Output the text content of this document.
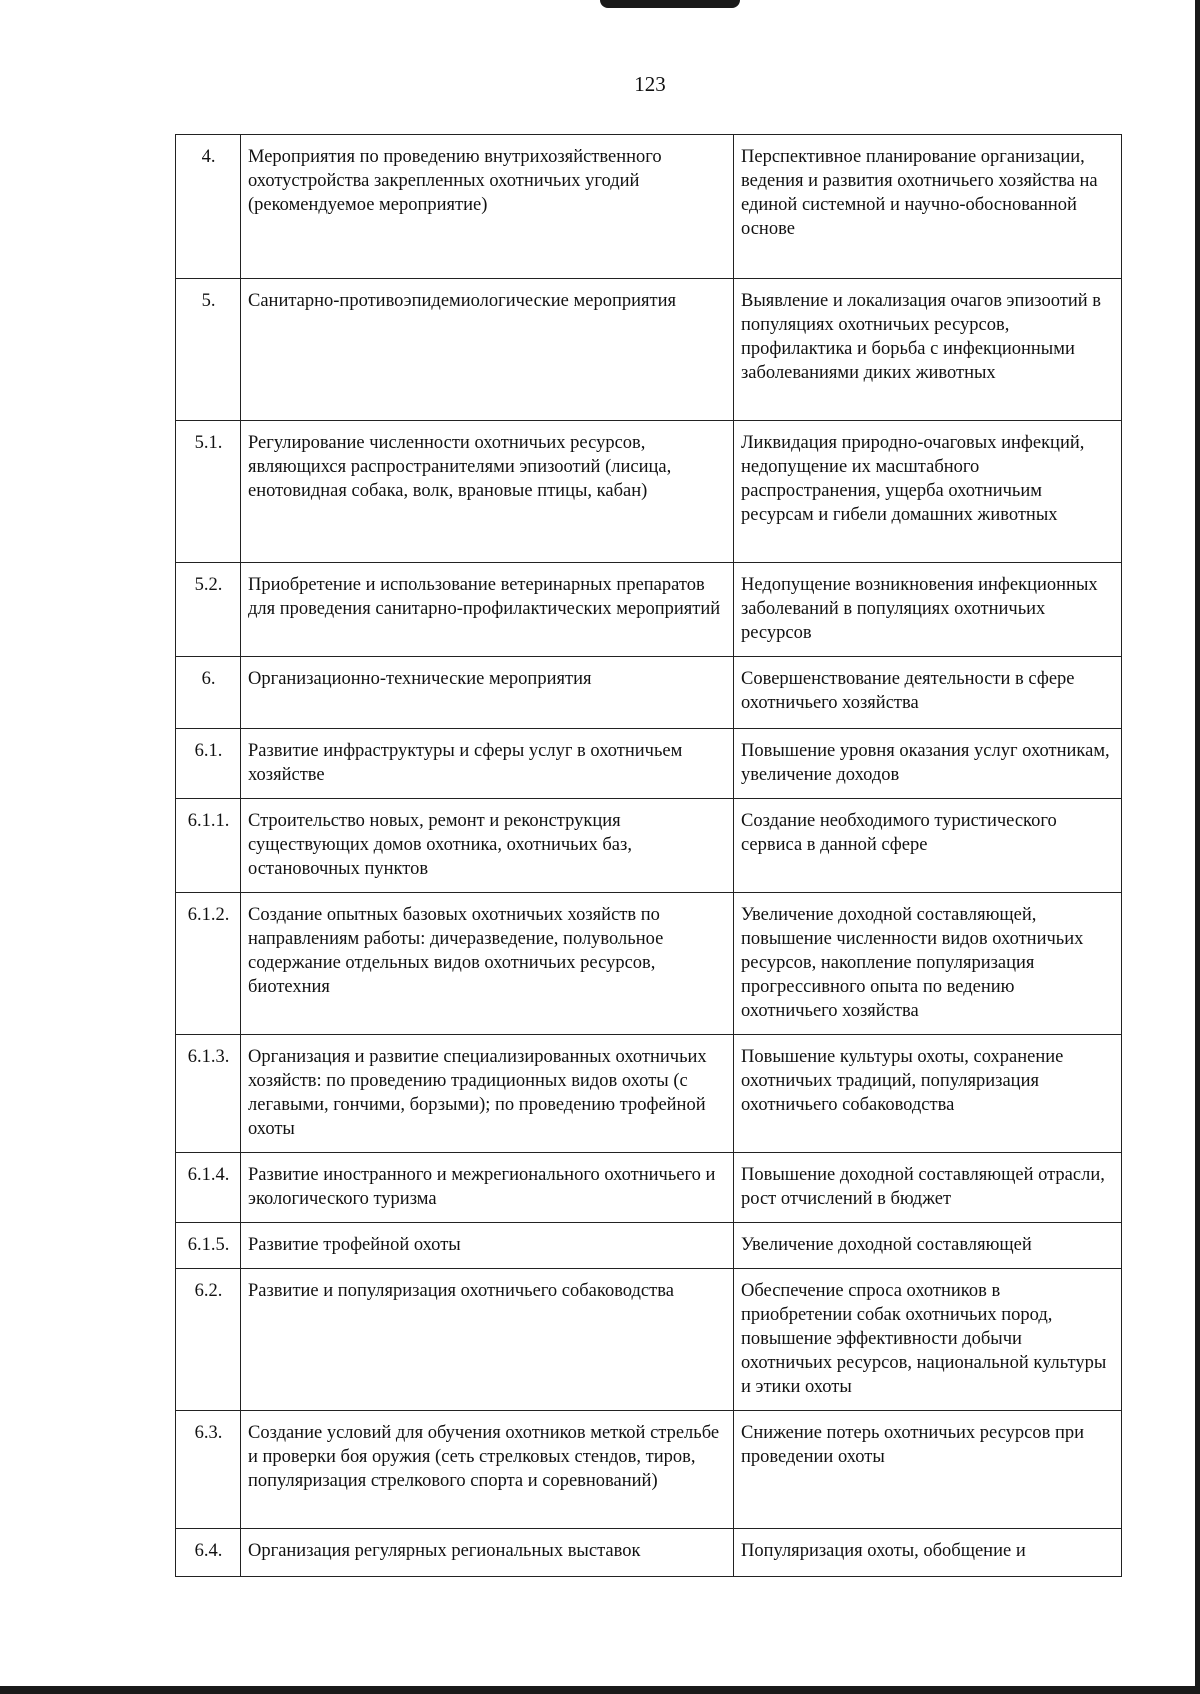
123
4.	Мероприятия по проведению внутрихозяйственного охотустройства закрепленных охотничьих угодий (рекомендуемое мероприятие)	Перспективное планирование организации, ведения и развития охотничьего хозяйства на единой системной и научно-обоснованной основе
5.	Санитарно-противоэпидемиологические мероприятия	Выявление и локализация очагов эпизоотий в популяциях охотничьих ресурсов, профилактика и борьба с инфекционными заболеваниями диких животных
5.1.	Регулирование численности охотничьих ресурсов, являющихся распространителями эпизоотий (лисица, енотовидная собака, волк, врановые птицы, кабан)	Ликвидация природно-очаговых инфекций, недопущение их масштабного распространения, ущерба охотничьим ресурсам и гибели домашних животных
5.2.	Приобретение и использование ветеринарных препаратов для проведения санитарно-профилактических мероприятий	Недопущение возникновения инфекционных заболеваний в популяциях охотничьих ресурсов
6.	Организационно-технические мероприятия	Совершенствование деятельности в сфере охотничьего хозяйства
6.1.	Развитие инфраструктуры и сферы услуг в охотничьем хозяйстве	Повышение уровня оказания услуг охотникам, увеличение доходов
6.1.1.	Строительство новых, ремонт и реконструкция существующих домов охотника, охотничьих баз, остановочных пунктов	Создание необходимого туристического сервиса в данной сфере
6.1.2.	Создание опытных базовых охотничьих хозяйств по направлениям работы: дичеразведение, полувольное содержание отдельных видов охотничьих ресурсов, биотехния	Увеличение доходной составляющей, повышение численности видов охотничьих ресурсов, накопление популяризация прогрессивного опыта по ведению охотничьего хозяйства
6.1.3.	Организация и развитие специализированных охотничьих хозяйств: по проведению традиционных видов охоты (с легавыми, гончими, борзыми); по проведению трофейной охоты	Повышение культуры охоты, сохранение охотничьих традиций, популяризация охотничьего собаководства
6.1.4.	Развитие иностранного и межрегионального охотничьего и экологического туризма	Повышение доходной составляющей отрасли, рост отчислений в бюджет
6.1.5.	Развитие трофейной охоты	Увеличение доходной составляющей
6.2.	Развитие и популяризация охотничьего собаководства	Обеспечение спроса охотников в приобретении собак охотничьих пород, повышение эффективности добычи охотничьих ресурсов, национальной культуры и этики охоты
6.3.	Создание условий для обучения охотников меткой стрельбе и проверки боя оружия (сеть стрелковых стендов, тиров, популяризация стрелкового спорта и соревнований)	Снижение потерь охотничьих ресурсов при проведении охоты
6.4.	Организация регулярных региональных выставок	Популяризация охоты, обобщение и
